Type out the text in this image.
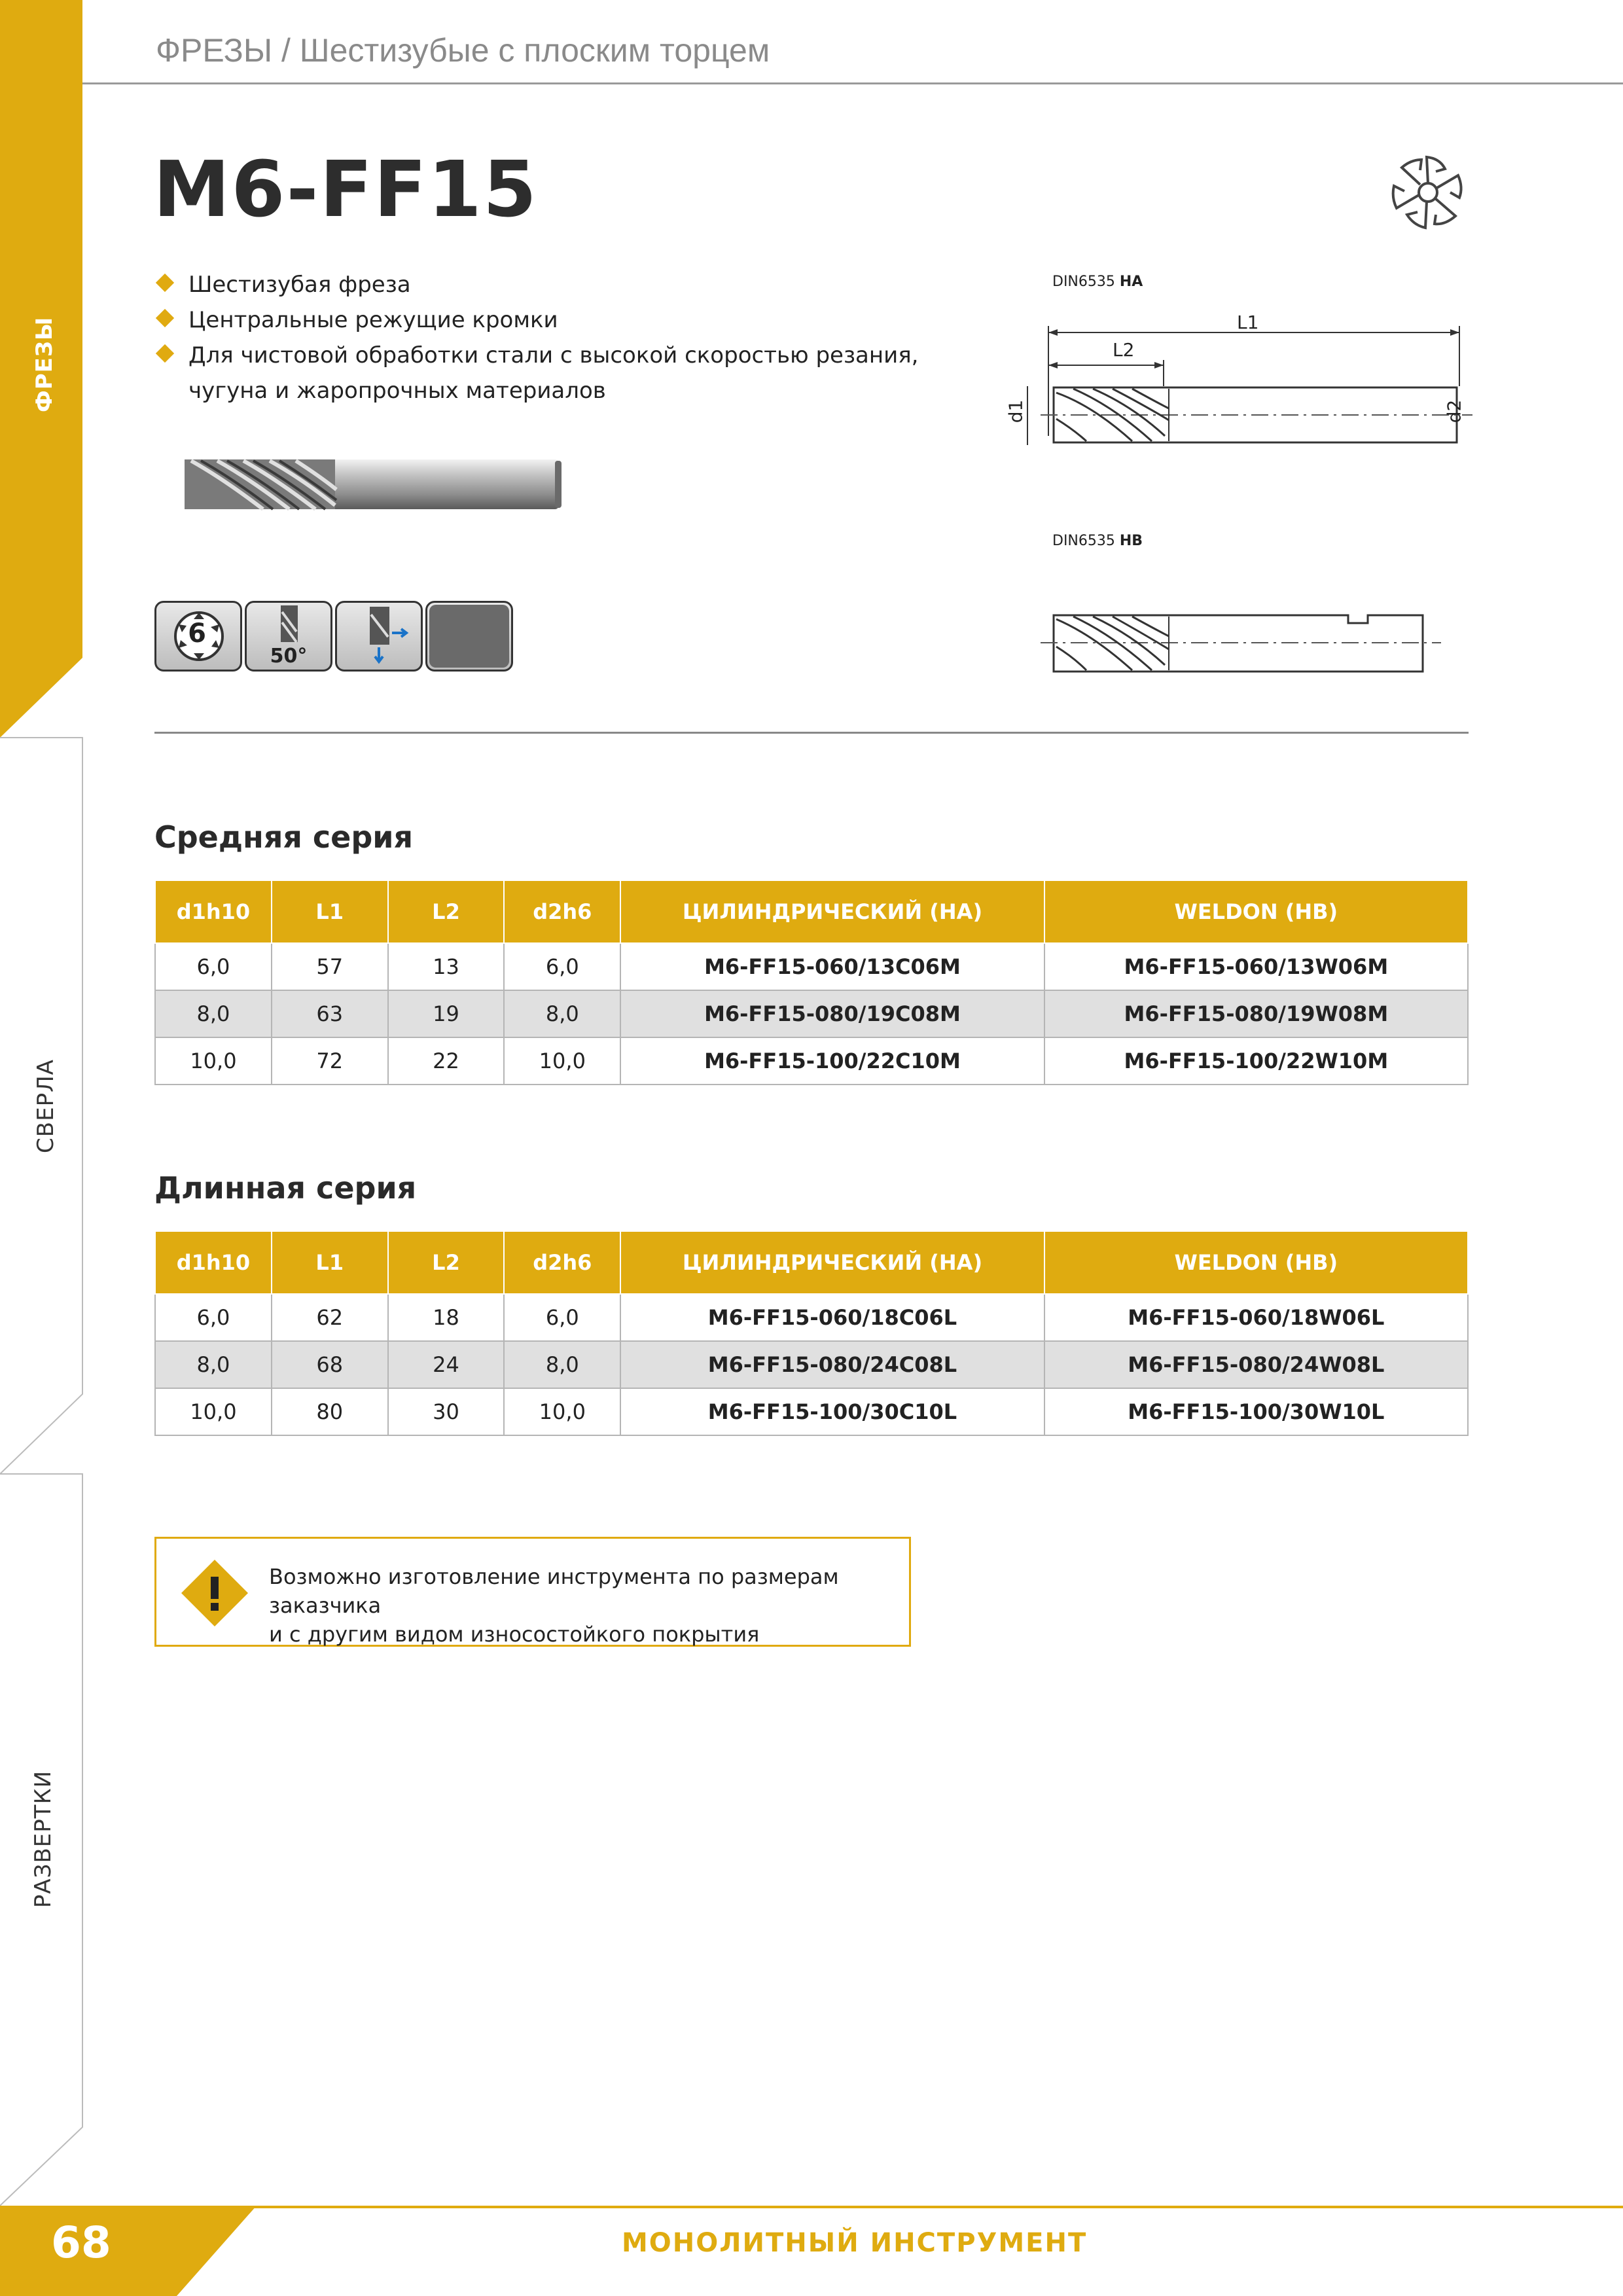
ФРЕЗЫ
СВЕРЛА
РАЗВЕРТКИ
ФРЕЗЫ / Шестизубые с плоским торцем
M6-FF15
Шестизубая фреза
Центральные режущие кромки
Для чистовой обработки стали с высокой скоростью резания,
чугуна и жаропрочных материалов
6
50°
DIN6535 HA
L1
L2
d1	d2
DIN6535 HB
Средняя серия
d1h10	L1	L2	d2h6	ЦИЛИНДРИЧЕСКИЙ (HA)	WELDON (HB)
6,0	57	13	6,0	M6-FF15-060/13C06M	M6-FF15-060/13W06M
8,0	63	19	8,0	M6-FF15-080/19C08M	M6-FF15-080/19W08M
10,0	72	22	10,0	M6-FF15-100/22C10M	M6-FF15-100/22W10M
Длинная серия
d1h10	L1	L2	d2h6	ЦИЛИНДРИЧЕСКИЙ (HA)	WELDON (HB)
6,0	62	18	6,0	M6-FF15-060/18C06L	M6-FF15-060/18W06L
8,0	68	24	8,0	M6-FF15-080/24C08L	M6-FF15-080/24W08L
10,0	80	30	10,0	M6-FF15-100/30C10L	M6-FF15-100/30W10L
Возможно изготовление инструмента по размерам заказчика
и с другим видом износостойкого покрытия
68	МОНОЛИТНЫЙ ИНСТРУМЕНТ
